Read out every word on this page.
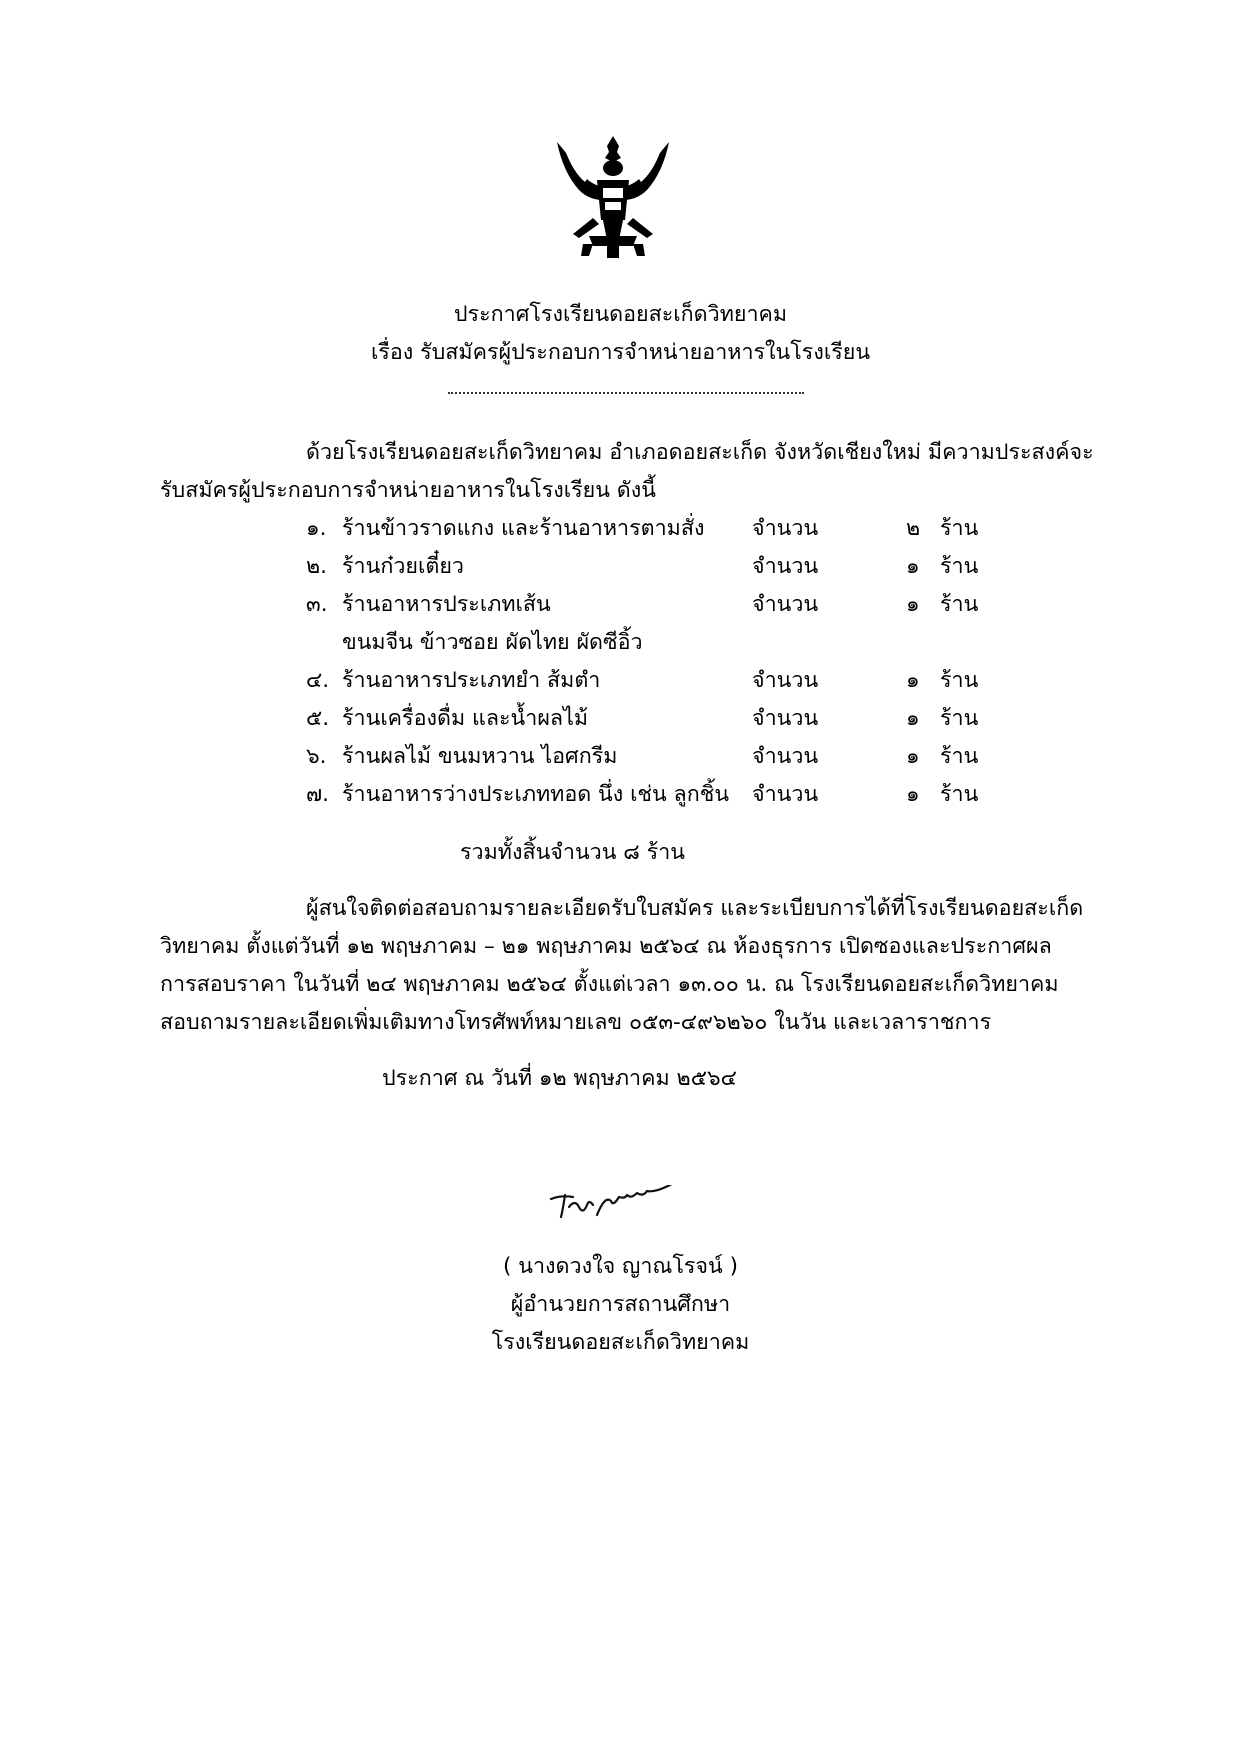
ประกาศโรงเรียนดอยสะเก็ดวิทยาคม
เรื่อง รับสมัครผู้ประกอบการจำหน่ายอาหารในโรงเรียน
ด้วยโรงเรียนดอยสะเก็ดวิทยาคม อำเภอดอยสะเก็ด จังหวัดเชียงใหม่ มีความประสงค์จะ
รับสมัครผู้ประกอบการจำหน่ายอาหารในโรงเรียน ดังนี้
๑. ร้านข้าวราดแกง และร้านอาหารตามสั่ง จำนวน	๒ ร้าน
๒. ร้านก๋วยเตี๋ยว	จำนวน	๑ ร้าน
๓. ร้านอาหารประเภทเส้น	จำนวน	๑ ร้าน
ขนมจีน ข้าวซอย ผัดไทย ผัดซีอิ้ว
๔. ร้านอาหารประเภทยำ ส้มตำ	จำนวน	๑ ร้าน
๕. ร้านเครื่องดื่ม และน้ำผลไม้	จำนวน	๑ ร้าน
๖. ร้านผลไม้ ขนมหวาน ไอศกรีม	จำนวน	๑ ร้าน
๗. ร้านอาหารว่างประเภททอด นึ่ง เช่น ลูกชิ้น จำนวน	๑ ร้าน
รวมทั้งสิ้นจำนวน ๘ ร้าน
ผู้สนใจติดต่อสอบถามรายละเอียดรับใบสมัคร และระเบียบการได้ที่โรงเรียนดอยสะเก็ด
วิทยาคม ตั้งแต่วันที่ ๑๒ พฤษภาคม – ๒๑ พฤษภาคม ๒๕๖๔ ณ ห้องธุรการ เปิดซองและประกาศผล
การสอบราคา ในวันที่ ๒๔ พฤษภาคม ๒๕๖๔ ตั้งแต่เวลา ๑๓.๐๐ น. ณ โรงเรียนดอยสะเก็ดวิทยาคม
สอบถามรายละเอียดเพิ่มเติมทางโทรศัพท์หมายเลข ๐๕๓-๔๙๖๒๖๐ ในวัน และเวลาราชการ
ประกาศ ณ วันที่ ๑๒ พฤษภาคม ๒๕๖๔
( นางดวงใจ ญาณโรจน์ )
ผู้อำนวยการสถานศึกษา
โรงเรียนดอยสะเก็ดวิทยาคม
